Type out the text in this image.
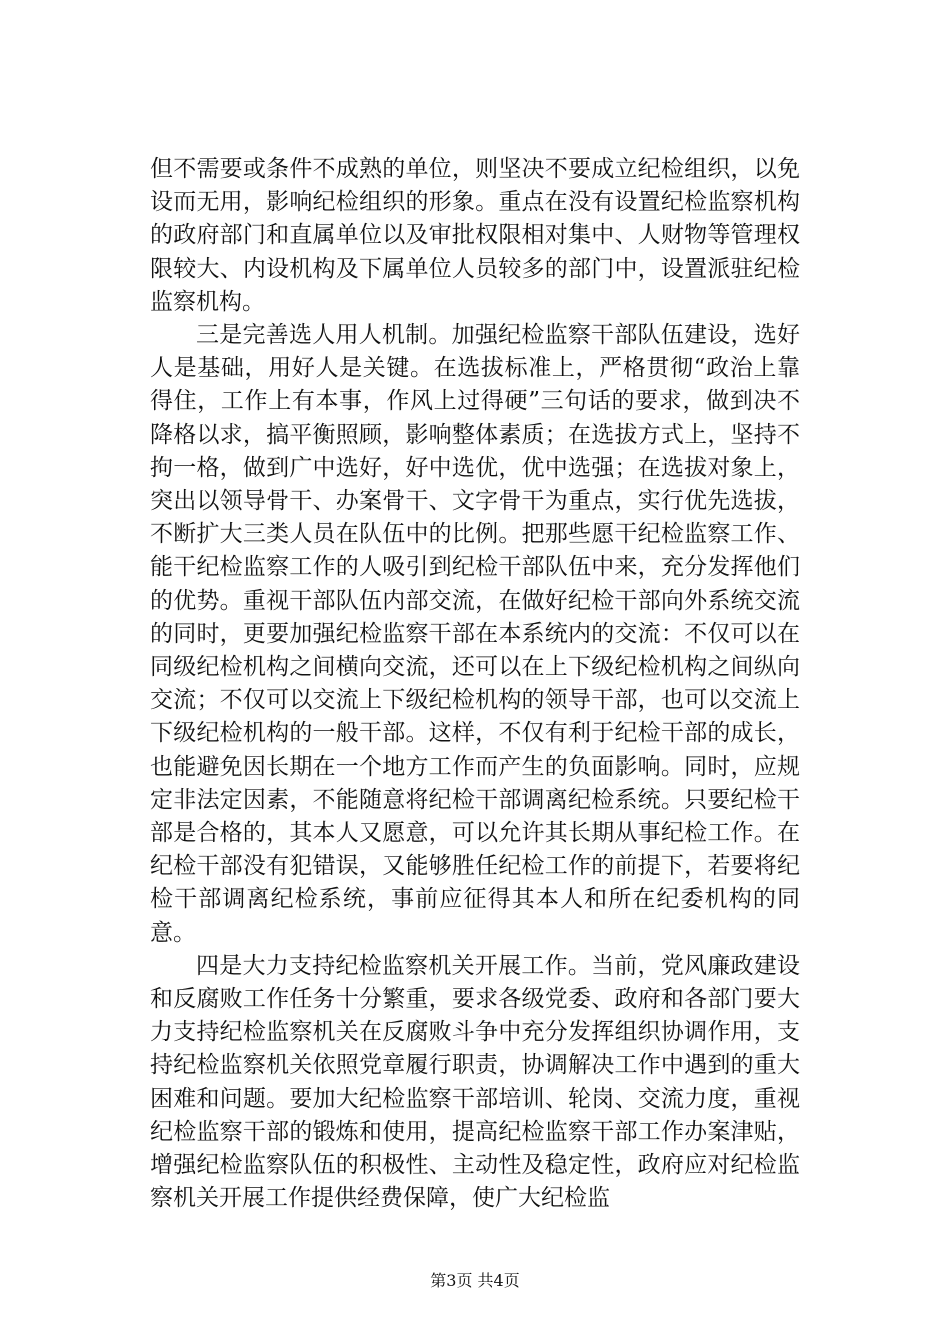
但不需要或条件不成熟的单位，则坚决不要成立纪检组织，以免设而无用，影响纪检组织的形象。重点在没有设置纪检监察机构的政府部门和直属单位以及审批权限相对集中、人财物等管理权限较大、内设机构及下属单位人员较多的部门中，设置派驻纪检监察机构。

三是完善选人用人机制。加强纪检监察干部队伍建设，选好人是基础，用好人是关键。在选拔标准上，严格贯彻“政治上靠得住，工作上有本事，作风上过得硬”三句话的要求，做到决不降格以求，搞平衡照顾，影响整体素质；在选拔方式上，坚持不拘一格，做到广中选好，好中选优，优中选强；在选拔对象上，突出以领导骨干、办案骨干、文字骨干为重点，实行优先选拔，不断扩大三类人员在队伍中的比例。把那些愿干纪检监察工作、能干纪检监察工作的人吸引到纪检干部队伍中来，充分发挥他们的优势。重视干部队伍内部交流，在做好纪检干部向外系统交流的同时，更要加强纪检监察干部在本系统内的交流：不仅可以在同级纪检机构之间横向交流，还可以在上下级纪检机构之间纵向交流；不仅可以交流上下级纪检机构的领导干部，也可以交流上下级纪检机构的一般干部。这样，不仅有利于纪检干部的成长，也能避免因长期在一个地方工作而产生的负面影响。同时，应规定非法定因素，不能随意将纪检干部调离纪检系统。只要纪检干部是合格的，其本人又愿意，可以允许其长期从事纪检工作。在纪检干部没有犯错误，又能够胜任纪检工作的前提下，若要将纪检干部调离纪检系统，事前应征得其本人和所在纪委机构的同意。

四是大力支持纪检监察机关开展工作。当前，党风廉政建设和反腐败工作任务十分繁重，要求各级党委、政府和各部门要大力支持纪检监察机关在反腐败斗争中充分发挥组织协调作用，支持纪检监察机关依照党章履行职责，协调解决工作中遇到的重大困难和问题。要加大纪检监察干部培训、轮岗、交流力度，重视纪检监察干部的锻炼和使用，提高纪检监察干部工作办案津贴，增强纪检监察队伍的积极性、主动性及稳定性，政府应对纪检监察机关开展工作提供经费保障，使广大纪检监

第3页 共4页
